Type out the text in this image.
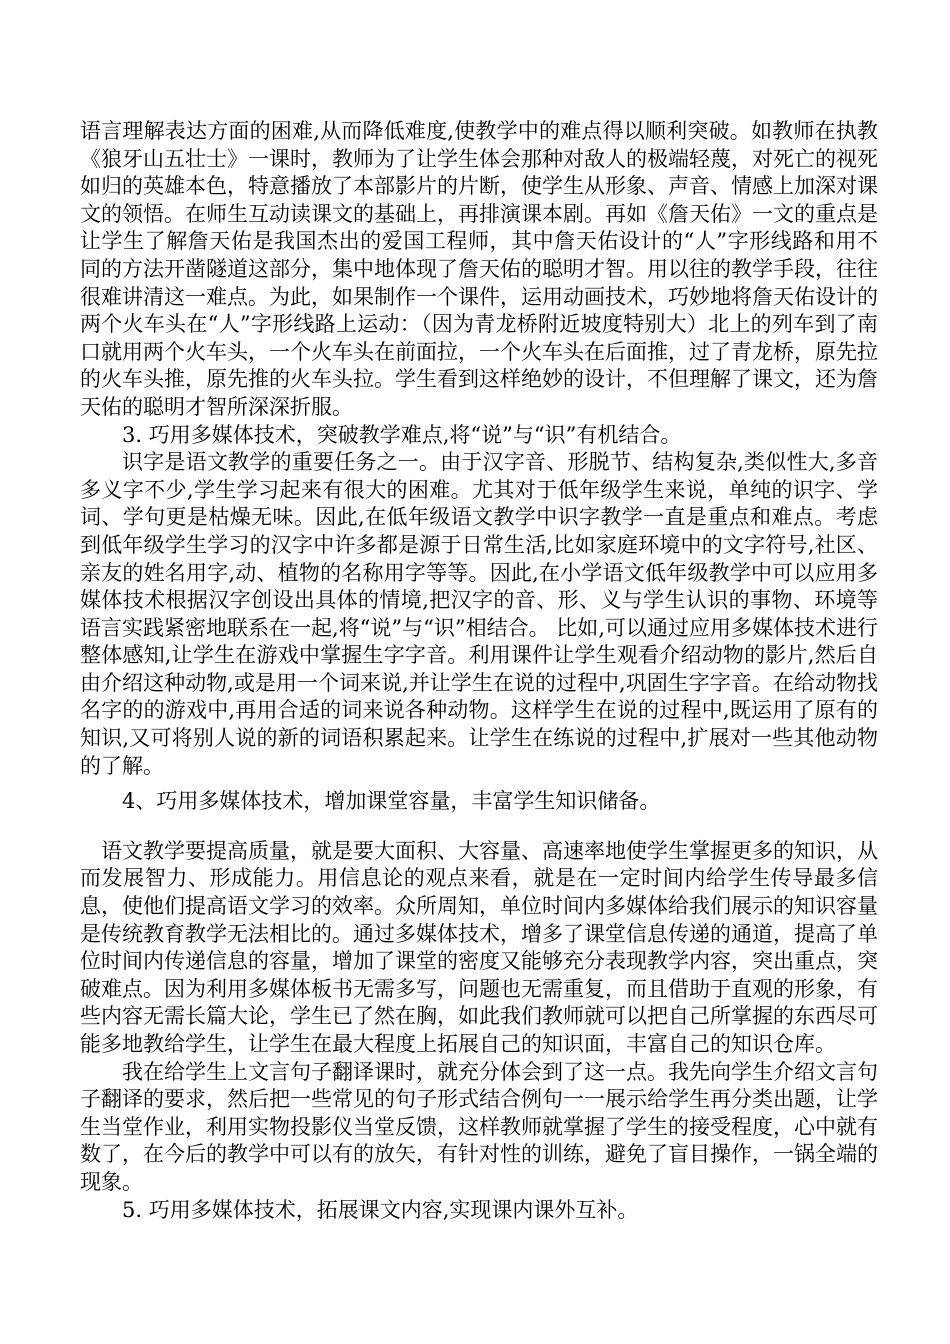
语言理解表达方面的困难,从而降低难度,使教学中的难点得以顺利突破。如教师在执教《狼牙山五壮士》一课时，教师为了让学生体会那种对敌人的极端轻蔑，对死亡的视死如归的英雄本色，特意播放了本部影片的片断，使学生从形象、声音、情感上加深对课文的领悟。在师生互动读课文的基础上，再排演课本剧。再如《詹天佑》一文的重点是让学生了解詹天佑是我国杰出的爱国工程师，其中詹天佑设计的“人”字形线路和用不同的方法开凿隧道这部分，集中地体现了詹天佑的聪明才智。用以往的教学手段，往往很难讲清这一难点。为此，如果制作一个课件，运用动画技术，巧妙地将詹天佑设计的两个火车头在“人”字形线路上运动：（因为青龙桥附近坡度特别大）北上的列车到了南口就用两个火车头，一个火车头在前面拉，一个火车头在后面推，过了青龙桥，原先拉的火车头推，原先推的火车头拉。学生看到这样绝妙的设计，不但理解了课文，还为詹天佑的聪明才智所深深折服。

3. 巧用多媒体技术，突破教学难点,将“说”与“识”有机结合。

识字是语文教学的重要任务之一。由于汉字音、形脱节、结构复杂,类似性大,多音多义字不少,学生学习起来有很大的困难。尤其对于低年级学生来说，单纯的识字、学词、学句更是枯燥无味。因此,在低年级语文教学中识字教学一直是重点和难点。考虑到低年级学生学习的汉字中许多都是源于日常生活,比如家庭环境中的文字符号,社区、亲友的姓名用字,动、植物的名称用字等等。因此,在小学语文低年级教学中可以应用多媒体技术根据汉字创设出具体的情境,把汉字的音、形、义与学生认识的事物、环境等语言实践紧密地联系在一起,将“说”与“识”相结合。 比如,可以通过应用多媒体技术进行整体感知,让学生在游戏中掌握生字字音。利用课件让学生观看介绍动物的影片,然后自由介绍这种动物,或是用一个词来说,并让学生在说的过程中,巩固生字字音。在给动物找名字的的游戏中,再用合适的词来说各种动物。这样学生在说的过程中,既运用了原有的知识,又可将别人说的新的词语积累起来。让学生在练说的过程中,扩展对一些其他动物的了解。

4、巧用多媒体技术，增加课堂容量，丰富学生知识储备。

语文教学要提高质量，就是要大面积、大容量、高速率地使学生掌握更多的知识，从而发展智力、形成能力。用信息论的观点来看，就是在一定时间内给学生传导最多信息，使他们提高语文学习的效率。众所周知，单位时间内多媒体给我们展示的知识容量是传统教育教学无法相比的。通过多媒体技术，增多了课堂信息传递的通道，提高了单位时间内传递信息的容量，增加了课堂的密度又能够充分表现教学内容，突出重点，突破难点。因为利用多媒体板书无需多写，问题也无需重复，而且借助于直观的形象，有些内容无需长篇大论，学生已了然在胸，如此我们教师就可以把自己所掌握的东西尽可能多地教给学生，让学生在最大程度上拓展自己的知识面，丰富自己的知识仓库。

我在给学生上文言句子翻译课时，就充分体会到了这一点。我先向学生介绍文言句子翻译的要求，然后把一些常见的句子形式结合例句一一展示给学生再分类出题，让学生当堂作业，利用实物投影仪当堂反馈，这样教师就掌握了学生的接受程度，心中就有数了，在今后的教学中可以有的放矢，有针对性的训练，避免了盲目操作，一锅全端的现象。

5. 巧用多媒体技术，拓展课文内容,实现课内课外互补。
